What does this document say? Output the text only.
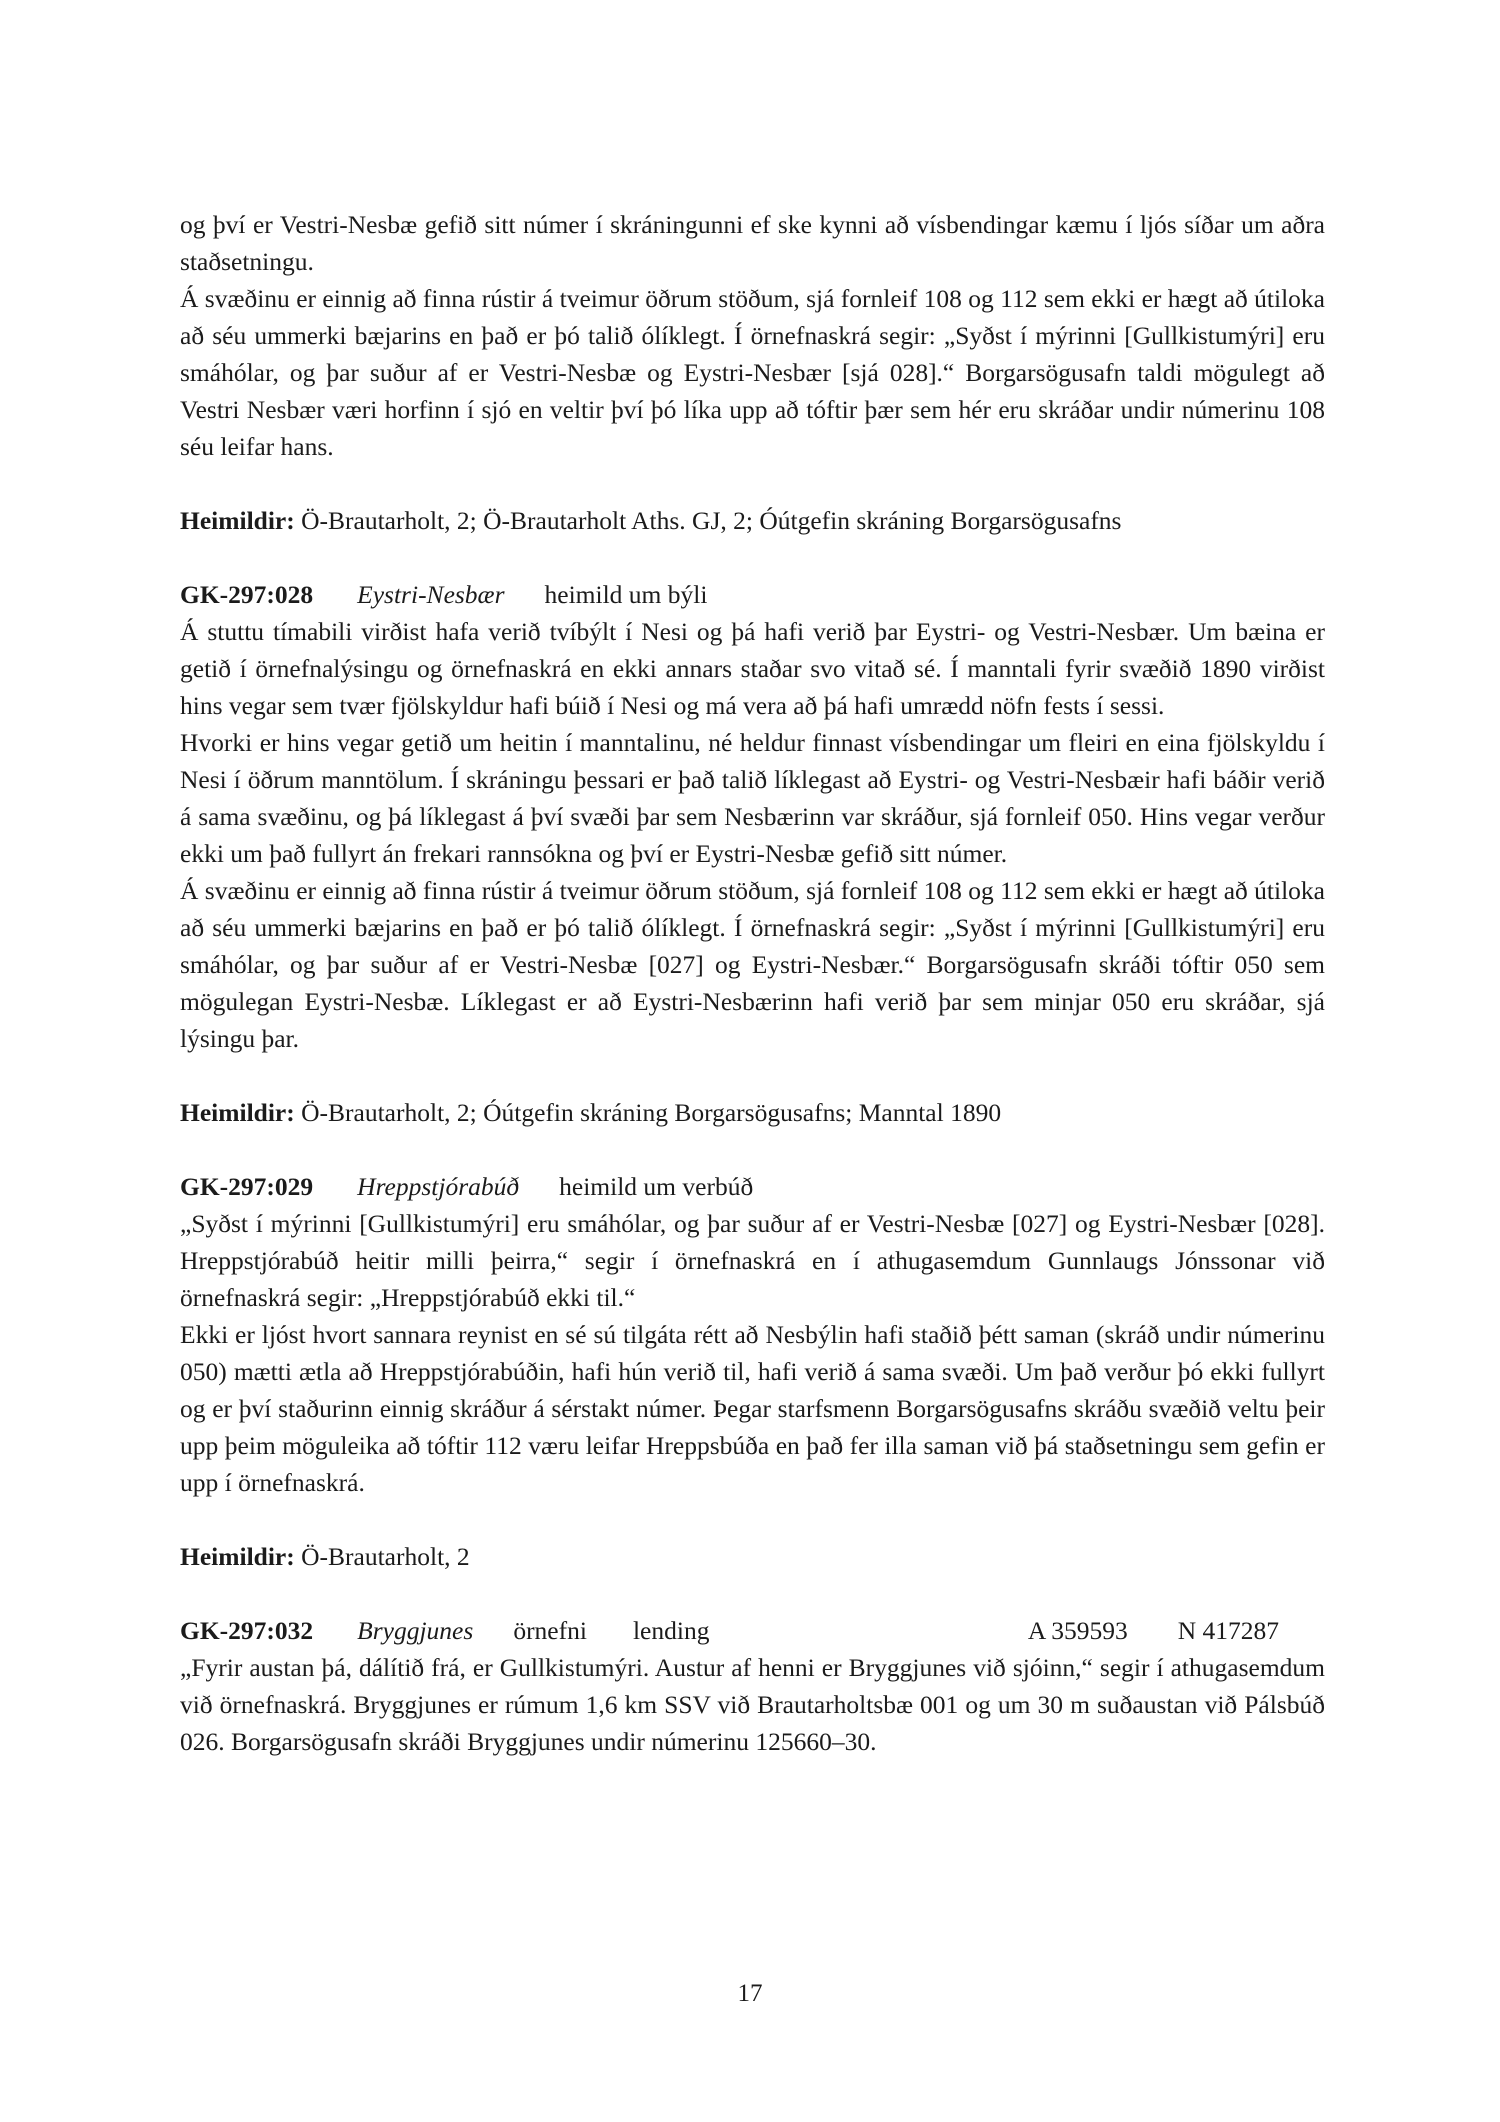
og því er Vestri-Nesbæ gefið sitt númer í skráningunni ef ske kynni að vísbendingar kæmu í ljós síðar um aðra staðsetningu.

Á svæðinu er einnig að finna rústir á tveimur öðrum stöðum, sjá fornleif 108 og 112 sem ekki er hægt að útiloka að séu ummerki bæjarins en það er þó talið ólíklegt. Í örnefnaskrá segir: „Syðst í mýrinni [Gullkistumýri] eru smáhólar, og þar suður af er Vestri-Nesbæ og Eystri-Nesbær [sjá 028].“ Borgarsögusafn taldi mögulegt að Vestri Nesbær væri horfinn í sjó en veltir því þó líka upp að tóftir þær sem hér eru skráðar undir númerinu 108 séu leifar hans.

Heimildir: Ö-Brautarholt, 2; Ö-Brautarholt Aths. GJ, 2; Óútgefin skráning Borgarsögusafns

GK-297:028 Eystri-Nesbær heimild um býli

Á stuttu tímabili virðist hafa verið tvíbýlt í Nesi og þá hafi verið þar Eystri- og Vestri-Nesbær. Um bæina er getið í örnefnalýsingu og örnefnaskrá en ekki annars staðar svo vitað sé. Í manntali fyrir svæðið 1890 virðist hins vegar sem tvær fjölskyldur hafi búið í Nesi og má vera að þá hafi umrædd nöfn fests í sessi.

Hvorki er hins vegar getið um heitin í manntalinu, né heldur finnast vísbendingar um fleiri en eina fjölskyldu í Nesi í öðrum manntölum. Í skráningu þessari er það talið líklegast að Eystri- og Vestri-Nesbæir hafi báðir verið á sama svæðinu, og þá líklegast á því svæði þar sem Nesbærinn var skráður, sjá fornleif 050. Hins vegar verður ekki um það fullyrt án frekari rannsókna og því er Eystri-Nesbæ gefið sitt númer.

Á svæðinu er einnig að finna rústir á tveimur öðrum stöðum, sjá fornleif 108 og 112 sem ekki er hægt að útiloka að séu ummerki bæjarins en það er þó talið ólíklegt. Í örnefnaskrá segir: „Syðst í mýrinni [Gullkistumýri] eru smáhólar, og þar suður af er Vestri-Nesbæ [027] og Eystri-Nesbær.“ Borgarsögusafn skráði tóftir 050 sem mögulegan Eystri-Nesbæ. Líklegast er að Eystri-Nesbærinn hafi verið þar sem minjar 050 eru skráðar, sjá lýsingu þar.

Heimildir: Ö-Brautarholt, 2; Óútgefin skráning Borgarsögusafns; Manntal 1890

GK-297:029 Hreppstjórabúð heimild um verbúð

„Syðst í mýrinni [Gullkistumýri] eru smáhólar, og þar suður af er Vestri-Nesbæ [027] og Eystri-Nesbær [028]. Hreppstjórabúð heitir milli þeirra,“ segir í örnefnaskrá en í athugasemdum Gunnlaugs Jónssonar við örnefnaskrá segir: „Hreppstjórabúð ekki til.“

Ekki er ljóst hvort sannara reynist en sé sú tilgáta rétt að Nesbýlin hafi staðið þétt saman (skráð undir númerinu 050) mætti ætla að Hreppstjórabúðin, hafi hún verið til, hafi verið á sama svæði. Um það verður þó ekki fullyrt og er því staðurinn einnig skráður á sérstakt númer. Þegar starfsmenn Borgarsögusafns skráðu svæðið veltu þeir upp þeim möguleika að tóftir 112 væru leifar Hreppsbúða en það fer illa saman við þá staðsetningu sem gefin er upp í örnefnaskrá.

Heimildir: Ö-Brautarholt, 2

GK-297:032 Bryggjunes örnefni lending	A 359593 N 417287

„Fyrir austan þá, dálítið frá, er Gullkistumýri. Austur af henni er Bryggjunes við sjóinn,“ segir í athugasemdum við örnefnaskrá. Bryggjunes er rúmum 1,6 km SSV við Brautarholtsbæ 001 og um 30 m suðaustan við Pálsbúð 026. Borgarsögusafn skráði Bryggjunes undir númerinu 125660–30.

17
